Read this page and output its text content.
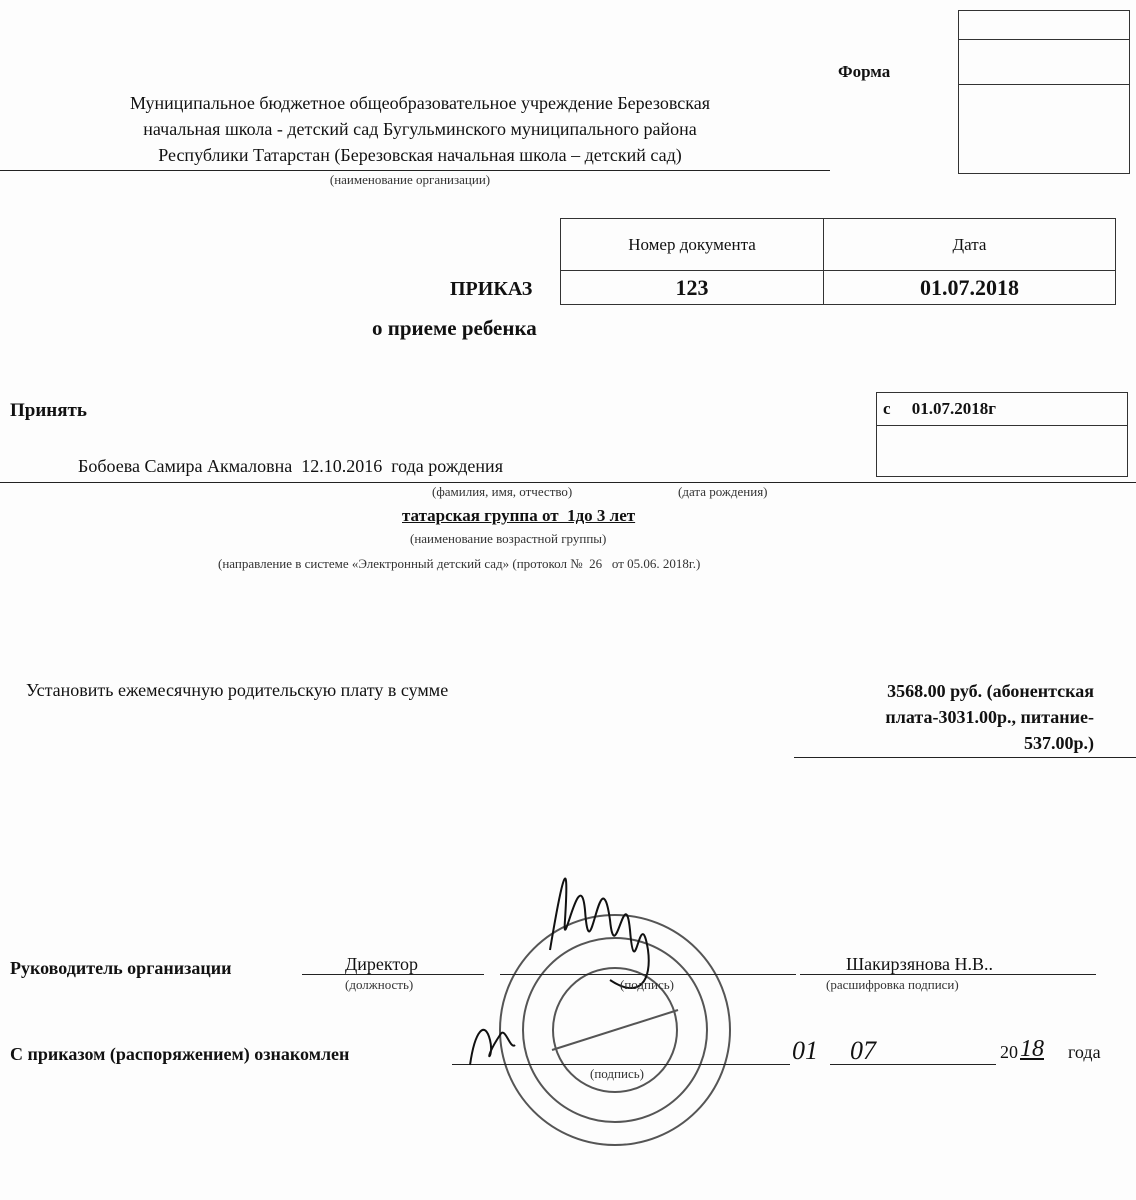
Форма
Муниципальное бюджетное общеобразовательное учреждение Березовская
начальная школа - детский сад Бугульминского муниципального района
Республики Татарстан (Березовская начальная школа – детский сад)
(наименование организации)
Номер документа	Дата
123	01.07.2018
ПРИКАЗ
о приеме ребенка
Принять	с     01.07.2018г

Бобоева Самира Акмаловна  12.10.2016  года рождения
(фамилия, имя, отчество)	(дата рождения)
татарская группа от  1до 3 лет
(наименование возрастной группы)
(направление в системе «Электронный детский сад» (протокол №  26   от 05.06. 2018г.)
Установить ежемесячную родительскую плату в сумме	3568.00 руб. (абонентская
плата-3031.00р., питание-
537.00р.)
Руководитель организации	Директор
(должность)	(подпись)
Шакирзянова Н.В..
(расшифровка подписи)
С приказом (распоряжением) ознакомлен
(подпись)
01 07	20 18 года
